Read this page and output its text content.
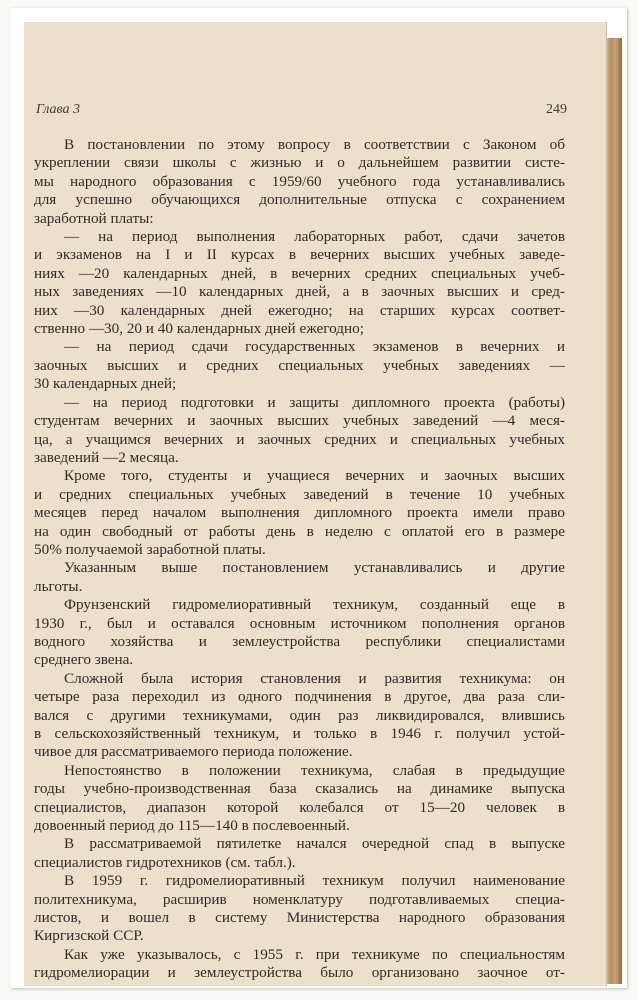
Глава 3	249
В постановлении по этому вопросу в соответствии с Законом об
укреплении связи школы с жизнью и о дальнейшем развитии систе-
мы народного образования с 1959/60 учебного года устанавливались
для успешно обучающихся дополнительные отпуска с сохранением
заработной платы:
— на период выполнения лабораторных работ, сдачи зачетов
и экзаменов на I и II курсах в вечерних высших учебных заведе-
ниях —20 календарных дней, в вечерних средних специальных учеб-
ных заведениях —10 календарных дней, а в заочных высших и сред-
них —30 календарных дней ежегодно; на старших курсах соответ-
ственно —30, 20 и 40 календарных дней ежегодно;
— на период сдачи государственных экзаменов в вечерних и
заочных высших и средних специальных учебных заведениях —
30 календарных дней;
— на период подготовки и защиты дипломного проекта (работы)
студентам вечерних и заочных высших учебных заведений —4 меся-
ца, а учащимся вечерних и заочных средних и специальных учебных
заведений —2 месяца.
Кроме того, студенты и учащиеся вечерних и заочных высших
и средних специальных учебных заведений в течение 10 учебных
месяцев перед началом выполнения дипломного проекта имели право
на один свободный от работы день в неделю с оплатой его в размере
50% получаемой заработной платы.
Указанным выше постановлением устанавливались и другие
льготы.
Фрунзенский гидромелиоративный техникум, созданный еще в
1930 г., был и оставался основным источником пополнения органов
водного хозяйства и землеустройства республики специалистами
среднего звена.
Сложной была история становления и развития техникума: он
четыре раза переходил из одного подчинения в другое, два раза сли-
вался с другими техникумами, один раз ликвидировался, влившись
в сельскохозяйственный техникум, и только в 1946 г. получил устой-
чивое для рассматриваемого периода положение.
Непостоянство в положении техникума, слабая в предыдущие
годы учебно-производственная база сказались на динамике выпуска
специалистов, диапазон которой колебался от 15—20 человек в
довоенный период до 115—140 в послевоенный.
В рассматриваемой пятилетке начался очередной спад в выпуске
специалистов гидротехников (см. табл.).
В 1959 г. гидромелиоративный техникум получил наименование
политехникума, расширив номенклатуру подготавливаемых специа-
листов, и вошел в систему Министерства народного образования
Киргизской ССР.
Как уже указывалось, с 1955 г. при техникуме по специальностям
гидромелиорации и землеустройства было организовано заочное от-
